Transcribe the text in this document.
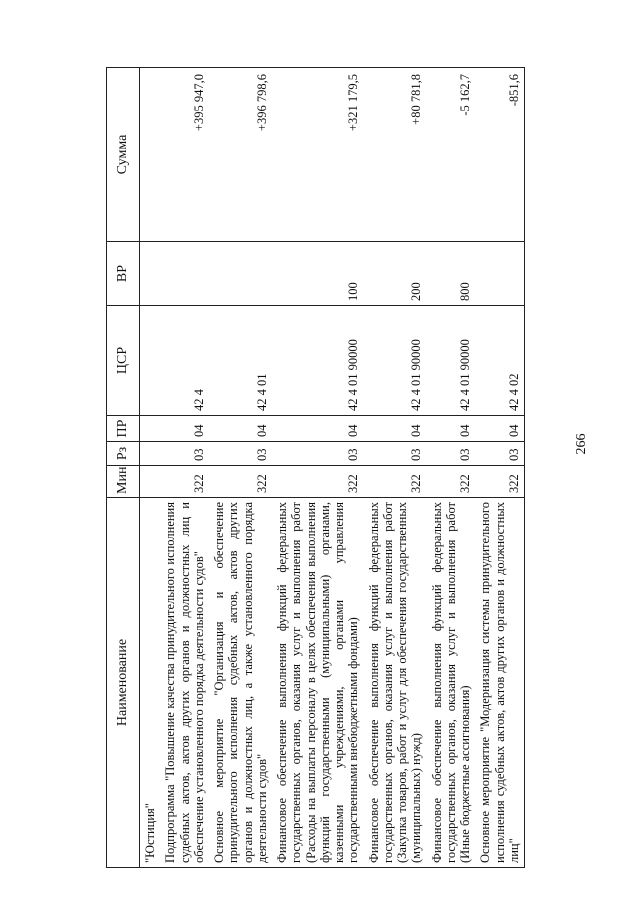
266
Наименование	Мин	Рз	ПР	ЦСР	ВР	Сумма
"Юстиция"						
Подпрограмма "Повышение качества принудительного исполнения судебных актов, актов других органов и должностных лиц и обеспечение установленного порядка деятельности судов"	322	03	04	42 4		+395 947,0
Основное мероприятие "Организация и обеспечение принудительного исполнения судебных актов, актов других органов и должностных лиц, а также установленного порядка деятельности судов"	322	03	04	42 4 01		+396 798,6
Финансовое обеспечение выполнения функций федеральных государственных органов, оказания услуг и выполнения работ (Расходы на выплаты персоналу в целях обеспечения выполнения функций государственными (муниципальными) органами, казенными учреждениями, органами управления государственными внебюджетными фондами)	322	03	04	42 4 01 90000	100	+321 179,5
Финансовое обеспечение выполнения функций федеральных государственных органов, оказания услуг и выполнения работ (Закупка товаров, работ и услуг для обеспечения государственных (муниципальных) нужд)	322	03	04	42 4 01 90000	200	+80 781,8
Финансовое обеспечение выполнения функций федеральных государственных органов, оказания услуг и выполнения работ (Иные бюджетные ассигнования)	322	03	04	42 4 01 90000	800	-5 162,7
Основное мероприятие "Модернизация системы принудительного исполнения судебных актов, актов других органов и должностных лиц"	322	03	04	42 4 02		-851,6
